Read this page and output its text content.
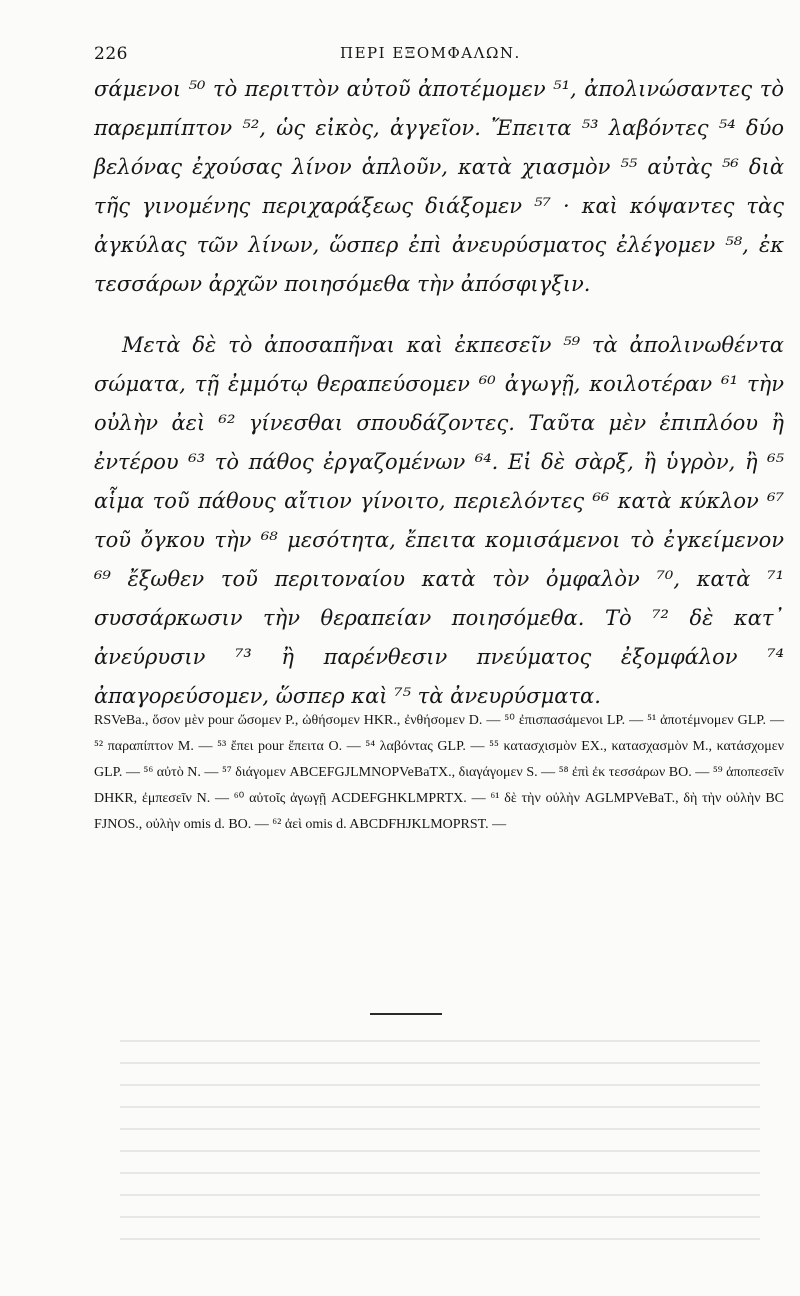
226	ΠΕΡΙ ΕΞΟΜΦΑΛΩΝ.

σάμενοι ⁵⁰ τὸ περιττὸν αὐτοῦ ἀποτέμομεν ⁵¹, ἀπολινώσαντες τὸ παρεμπίπτον ⁵², ὡς εἰκὸς, ἀγγεῖον. Ἔπειτα ⁵³ λαβόντες ⁵⁴ δύο βελόνας ἐχούσας λίνον ἁπλοῦν, κατὰ χιασμὸν ⁵⁵ αὐτὰς ⁵⁶ διὰ τῆς γινομένης περιχαράξεως διάξομεν ⁵⁷ · καὶ κόψαντες τὰς ἀγκύλας τῶν λίνων, ὥσπερ ἐπὶ ἀνευρύσματος ἐλέγομεν ⁵⁸, ἐκ τεσσάρων ἀρχῶν ποιησόμεθα τὴν ἀπόσφιγξιν.

Μετὰ δὲ τὸ ἀποσαπῆναι καὶ ἐκπεσεῖν ⁵⁹ τὰ ἀπολινωθέντα σώματα, τῇ ἐμμότῳ θεραπεύσομεν ⁶⁰ ἀγωγῇ, κοιλοτέραν ⁶¹ τὴν οὐλὴν ἀεὶ ⁶² γίνεσθαι σπουδάζοντες. Ταῦτα μὲν ἐπιπλόου ἢ ἐντέρου ⁶³ τὸ πάθος ἐργαζομένων ⁶⁴. Εἰ δὲ σὰρξ, ἢ ὑγρὸν, ἢ ⁶⁵ αἷμα τοῦ πάθους αἴτιον γίνοιτο, περιελόντες ⁶⁶ κατὰ κύκλον ⁶⁷ τοῦ ὄγκου τὴν ⁶⁸ μεσότητα, ἔπειτα κομισάμενοι τὸ ἐγκείμενον ⁶⁹ ἔξωθεν τοῦ περιτοναίου κατὰ τὸν ὀμφαλὸν ⁷⁰, κατὰ ⁷¹ συσσάρκωσιν τὴν θεραπείαν ποιησόμεθα. Τὸ ⁷² δὲ κατ᾽ ἀνεύρυσιν ⁷³ ἢ παρένθεσιν πνεύματος ἐξομφάλον ⁷⁴ ἀπαγορεύσομεν, ὥσπερ καὶ ⁷⁵ τὰ ἀνευρύσματα.

RSVeBa., ὅσον μὲν pour ὤσομεν P., ὠθήσομεν HKR., ἐνθήσομεν D. — ⁵⁰ ἐπισπασάμενοι LP. — ⁵¹ ἀποτέμνομεν GLP. — ⁵² παραπίπτον M. — ⁵³ ἔπει pour ἔπειτα O. — ⁵⁴ λαβόντας GLP. — ⁵⁵ κατασχισμὸν EX., κατασχασμὸν M., κατάσχομεν GLP. — ⁵⁶ αὐτὸ N. — ⁵⁷ διάγομεν ABCEFGJLMNOPVeBaTX., διαγάγομεν S. — ⁵⁸ ἐπὶ ἐκ τεσσάρων BO. — ⁵⁹ ἀποπεσεῖν DHKR, ἐμπεσεῖν N. — ⁶⁰ αὐτοῖς ἀγωγῇ ACDEFGHKLMPRTX. — ⁶¹ δὲ τὴν οὐλὴν AGLMPVeBaT., δὴ τὴν οὐλὴν BC FJNOS., οὐλὴν omis d. BO. — ⁶² ἀεὶ omis d. ABCDFHJKLMOPRST. —
